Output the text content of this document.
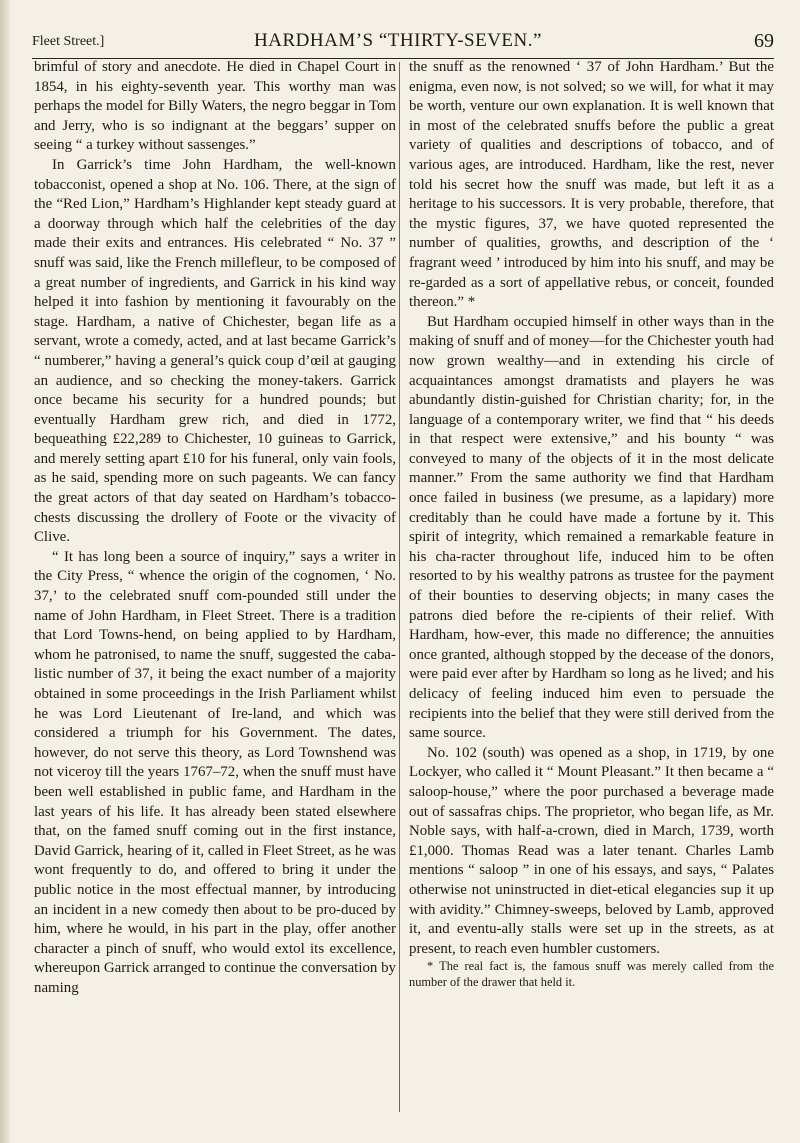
Fleet Street.]	HARDHAM’S “THIRTY-SEVEN.”	69

brimful of story and anecdote. He died in Chapel Court in 1854, in his eighty-seventh year. This worthy man was perhaps the model for Billy Waters, the negro beggar in Tom and Jerry, who is so indignant at the beggars’ supper on seeing “ a turkey without sassenges.”

In Garrick’s time John Hardham, the well-known tobacconist, opened a shop at No. 106. There, at the sign of the “Red Lion,” Hardham’s Highlander kept steady guard at a doorway through which half the celebrities of the day made their exits and entrances. His celebrated “ No. 37 ” snuff was said, like the French millefleur, to be composed of a great number of ingredients, and Garrick in his kind way helped it into fashion by mentioning it favourably on the stage. Hardham, a native of Chichester, began life as a servant, wrote a comedy, acted, and at last became Garrick’s “ numberer,” having a general’s quick coup d’œil at gauging an audience, and so checking the money-takers. Garrick once became his security for a hundred pounds; but eventually Hardham grew rich, and died in 1772, bequeathing £22,289 to Chichester, 10 guineas to Garrick, and merely setting apart £10 for his funeral, only vain fools, as he said, spending more on such pageants. We can fancy the great actors of that day seated on Hardham’s tobacco-chests discussing the drollery of Foote or the vivacity of Clive.

“ It has long been a source of inquiry,” says a writer in the City Press, “ whence the origin of the cognomen, ‘ No. 37,’ to the celebrated snuff com-pounded still under the name of John Hardham, in Fleet Street. There is a tradition that Lord Towns-hend, on being applied to by Hardham, whom he patronised, to name the snuff, suggested the caba-listic number of 37, it being the exact number of a majority obtained in some proceedings in the Irish Parliament whilst he was Lord Lieutenant of Ire-land, and which was considered a triumph for his Government. The dates, however, do not serve this theory, as Lord Townshend was not viceroy till the years 1767–72, when the snuff must have been well established in public fame, and Hardham in the last years of his life. It has already been stated elsewhere that, on the famed snuff coming out in the first instance, David Garrick, hearing of it, called in Fleet Street, as he was wont frequently to do, and offered to bring it under the public notice in the most effectual manner, by introducing an incident in a new comedy then about to be pro-duced by him, where he would, in his part in the play, offer another character a pinch of snuff, who would extol its excellence, whereupon Garrick arranged to continue the conversation by naming

the snuff as the renowned ‘ 37 of John Hardham.’ But the enigma, even now, is not solved; so we will, for what it may be worth, venture our own explanation. It is well known that in most of the celebrated snuffs before the public a great variety of qualities and descriptions of tobacco, and of various ages, are introduced. Hardham, like the rest, never told his secret how the snuff was made, but left it as a heritage to his successors. It is very probable, therefore, that the mystic figures, 37, we have quoted represented the number of qualities, growths, and description of the ‘ fragrant weed ’ introduced by him into his snuff, and may be re-garded as a sort of appellative rebus, or conceit, founded thereon.” *

But Hardham occupied himself in other ways than in the making of snuff and of money—for the Chichester youth had now grown wealthy—and in extending his circle of acquaintances amongst dramatists and players he was abundantly distin-guished for Christian charity; for, in the language of a contemporary writer, we find that “ his deeds in that respect were extensive,” and his bounty “ was conveyed to many of the objects of it in the most delicate manner.” From the same authority we find that Hardham once failed in business (we presume, as a lapidary) more creditably than he could have made a fortune by it. This spirit of integrity, which remained a remarkable feature in his cha-racter throughout life, induced him to be often resorted to by his wealthy patrons as trustee for the payment of their bounties to deserving objects; in many cases the patrons died before the re-cipients of their relief. With Hardham, how-ever, this made no difference; the annuities once granted, although stopped by the decease of the donors, were paid ever after by Hardham so long as he lived; and his delicacy of feeling induced him even to persuade the recipients into the belief that they were still derived from the same source.

No. 102 (south) was opened as a shop, in 1719, by one Lockyer, who called it “ Mount Pleasant.” It then became a “ saloop-house,” where the poor purchased a beverage made out of sassafras chips. The proprietor, who began life, as Mr. Noble says, with half-a-crown, died in March, 1739, worth £1,000. Thomas Read was a later tenant. Charles Lamb mentions “ saloop ” in one of his essays, and says, “ Palates otherwise not uninstructed in diet-etical elegancies sup it up with avidity.” Chimney-sweeps, beloved by Lamb, approved it, and eventu-ally stalls were set up in the streets, as at present, to reach even humbler customers.

* The real fact is, the famous snuff was merely called from the number of the drawer that held it.
